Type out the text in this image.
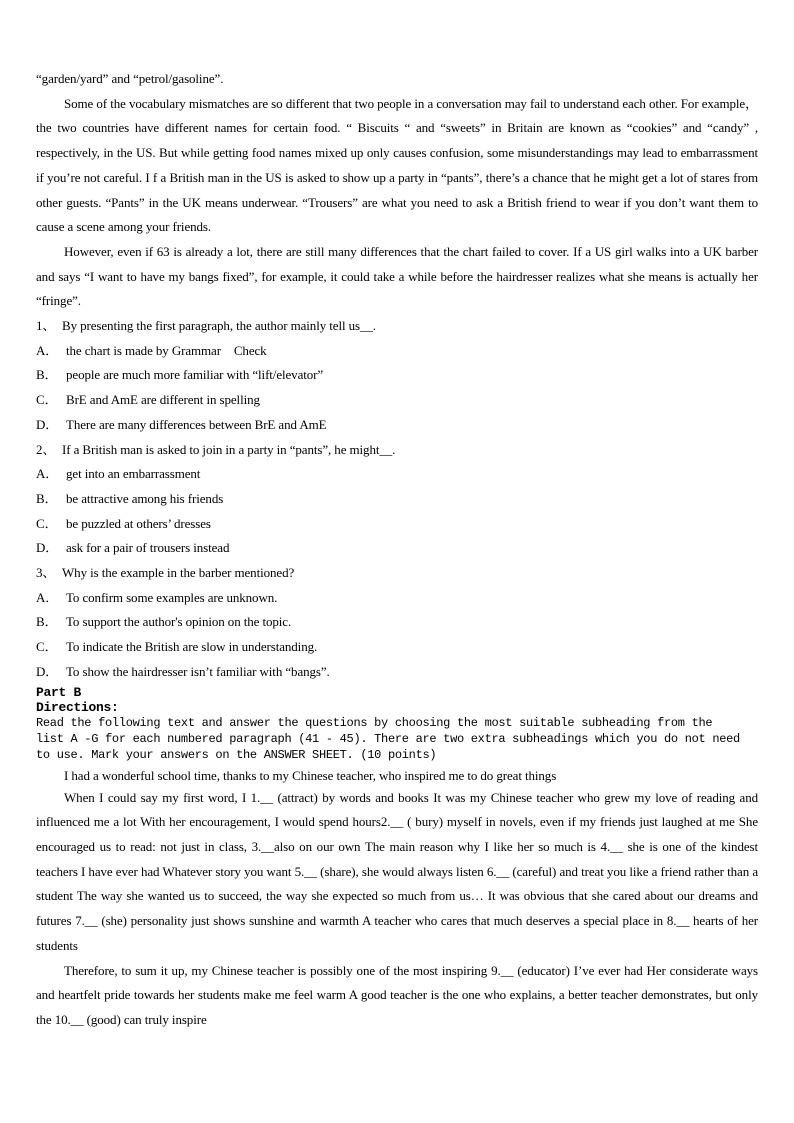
“garden/yard” and “petrol/gasoline”.

Some of the vocabulary mismatches are so different that two people in a conversation may fail to understand each other. For example， the two countries have different names for certain food. “ Biscuits “ and “sweets” in Britain are known as “cookies” and “candy” , respectively, in the US. But while getting food names mixed up only causes confusion, some misunderstandings may lead to embarrassment if you’re not careful. I f a British man in the US is asked to show up a party in “pants”, there’s a chance that he might get a lot of stares from other guests. “Pants” in the UK means underwear. “Trousers” are what you need to ask a British friend to wear if you don’t want them to cause a scene among your friends.

However, even if 63 is already a lot, there are still many differences that the chart failed to cover. If a US girl walks into a UK barber and says “I want to have my bangs fixed”, for example, it could take a while before the hairdresser realizes what she means is actually her “fringe”.

1、 By presenting the first paragraph, the author mainly tell us__.
A． the chart is made by Grammar　Check
B． people are much more familiar with “lift/elevator”
C． BrE and AmE are different in spelling
D． There are many differences between BrE and AmE
2、 If a British man is asked to join in a party in “pants”, he might__.
A． get into an embarrassment
B． be attractive among his friends
C． be puzzled at others’ dresses
D． ask for a pair of trousers instead
3、 Why is the example in the barber mentioned?
A． To confirm some examples are unknown.
B． To support the author's opinion on the topic.
C． To indicate the British are slow in understanding.
D． To show the hairdresser isn’t familiar with “bangs”.
Part B
Directions:
Read the following text and answer the questions by choosing the most suitable subheading from the
list A -G for each numbered paragraph (41 - 45). There are two extra subheadings which you do not need
to use. Mark your answers on the ANSWER SHEET. (10 points)
I had a wonderful school time, thanks to my Chinese teacher, who inspired me to do great things

When I could say my first word, I 1.__ (attract) by words and books It was my Chinese teacher who grew my love of reading and influenced me a lot With her encouragement, I would spend hours2.__ ( bury) myself in novels, even if my friends just laughed at me She encouraged us to read: not just in class, 3.__also on our own The main reason why I like her so much is 4.__ she is one of the kindest teachers I have ever had Whatever story you want 5.__ (share), she would always listen 6.__ (careful) and treat you like a friend rather than a student The way she wanted us to succeed, the way she expected so much from us… It was obvious that she cared about our dreams and futures 7.__ (she) personality just shows sunshine and warmth A teacher who cares that much deserves a special place in 8.__ hearts of her students

Therefore, to sum it up, my Chinese teacher is possibly one of the most inspiring 9.__ (educator) I’ve ever had Her considerate ways and heartfelt pride towards her students make me feel warm A good teacher is the one who explains, a better teacher demonstrates, but only the 10.__ (good) can truly inspire
